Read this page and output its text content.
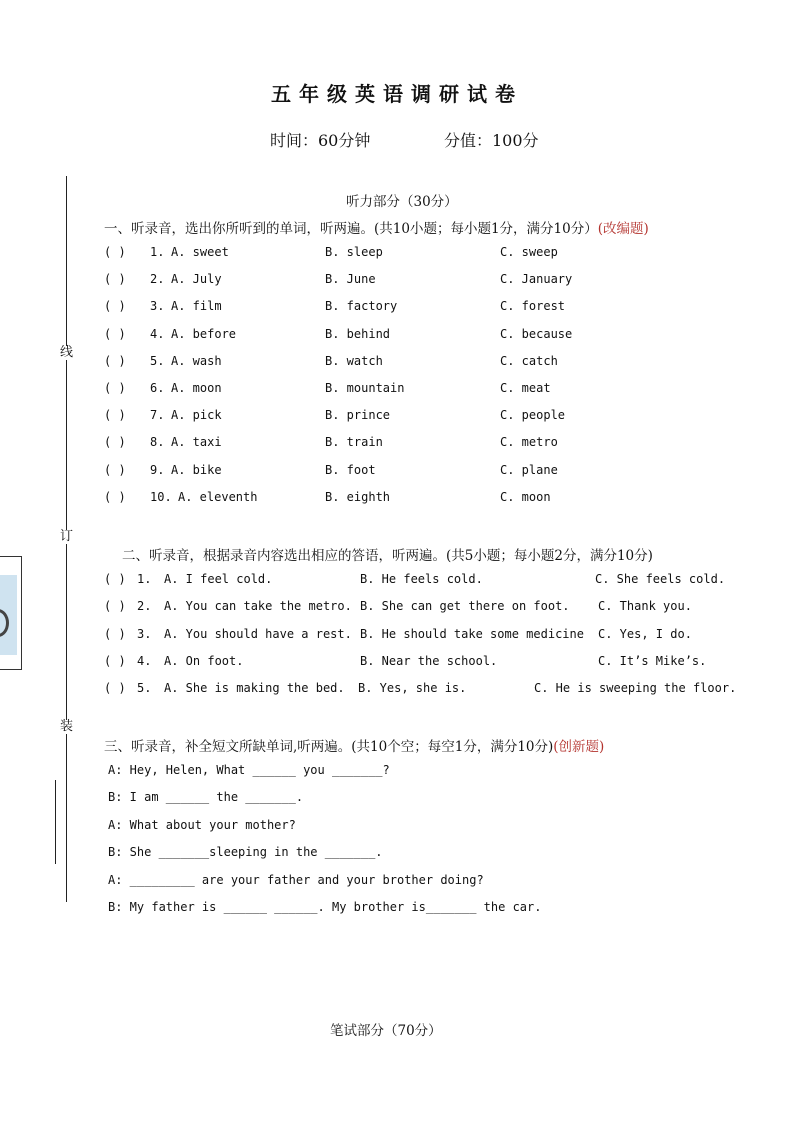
线
订
装
五年级英语调研试卷
时间：60分钟	分值：100分
听力部分（30分）
一、听录音，选出你所听到的单词，听两遍。(共10小题；每小题1分，满分10分）(改编题)
( ) 1. A. sweet	B. sleep	C. sweep
( ) 2. A. July	B. June	C. January
( ) 3. A. film	B. factory	C. forest
( ) 4. A. before	B. behind	C. because
( ) 5. A. wash	B. watch	C. catch
( ) 6. A. moon	B. mountain	C. meat
( ) 7. A. pick	B. prince	C. people
( ) 8. A. taxi	B. train	C. metro
( ) 9. A. bike	B. foot	C. plane
( ) 10. A. eleventh	B. eighth	C. moon
二、听录音，根据录音内容选出相应的答语，听两遍。(共5小题；每小题2分，满分10分)
( ) 1. A. I feel cold.	B. He feels cold.	C. She feels cold.
( ) 2. A. You can take the metro. B. She can get there on foot. C. Thank you.
( ) 3. A. You should have a rest. B. He should take some medicine C. Yes, I do.
( ) 4. A. On foot.	B. Near the school.	C. It’s Mike’s.
( ) 5. A. She is making the bed. B. Yes, she is.	C. He is sweeping the floor.
三、听录音，补全短文所缺单词,听两遍。(共10个空；每空1分，满分10分)(创新题)
A: Hey, Helen, What ______ you _______?
B: I am ______ the _______.
A: What about your mother?
B: She _______sleeping in the _______.
A: _________ are your father and your brother doing?
B: My father is ______ ______. My brother is_______ the car.
笔试部分（70分）
